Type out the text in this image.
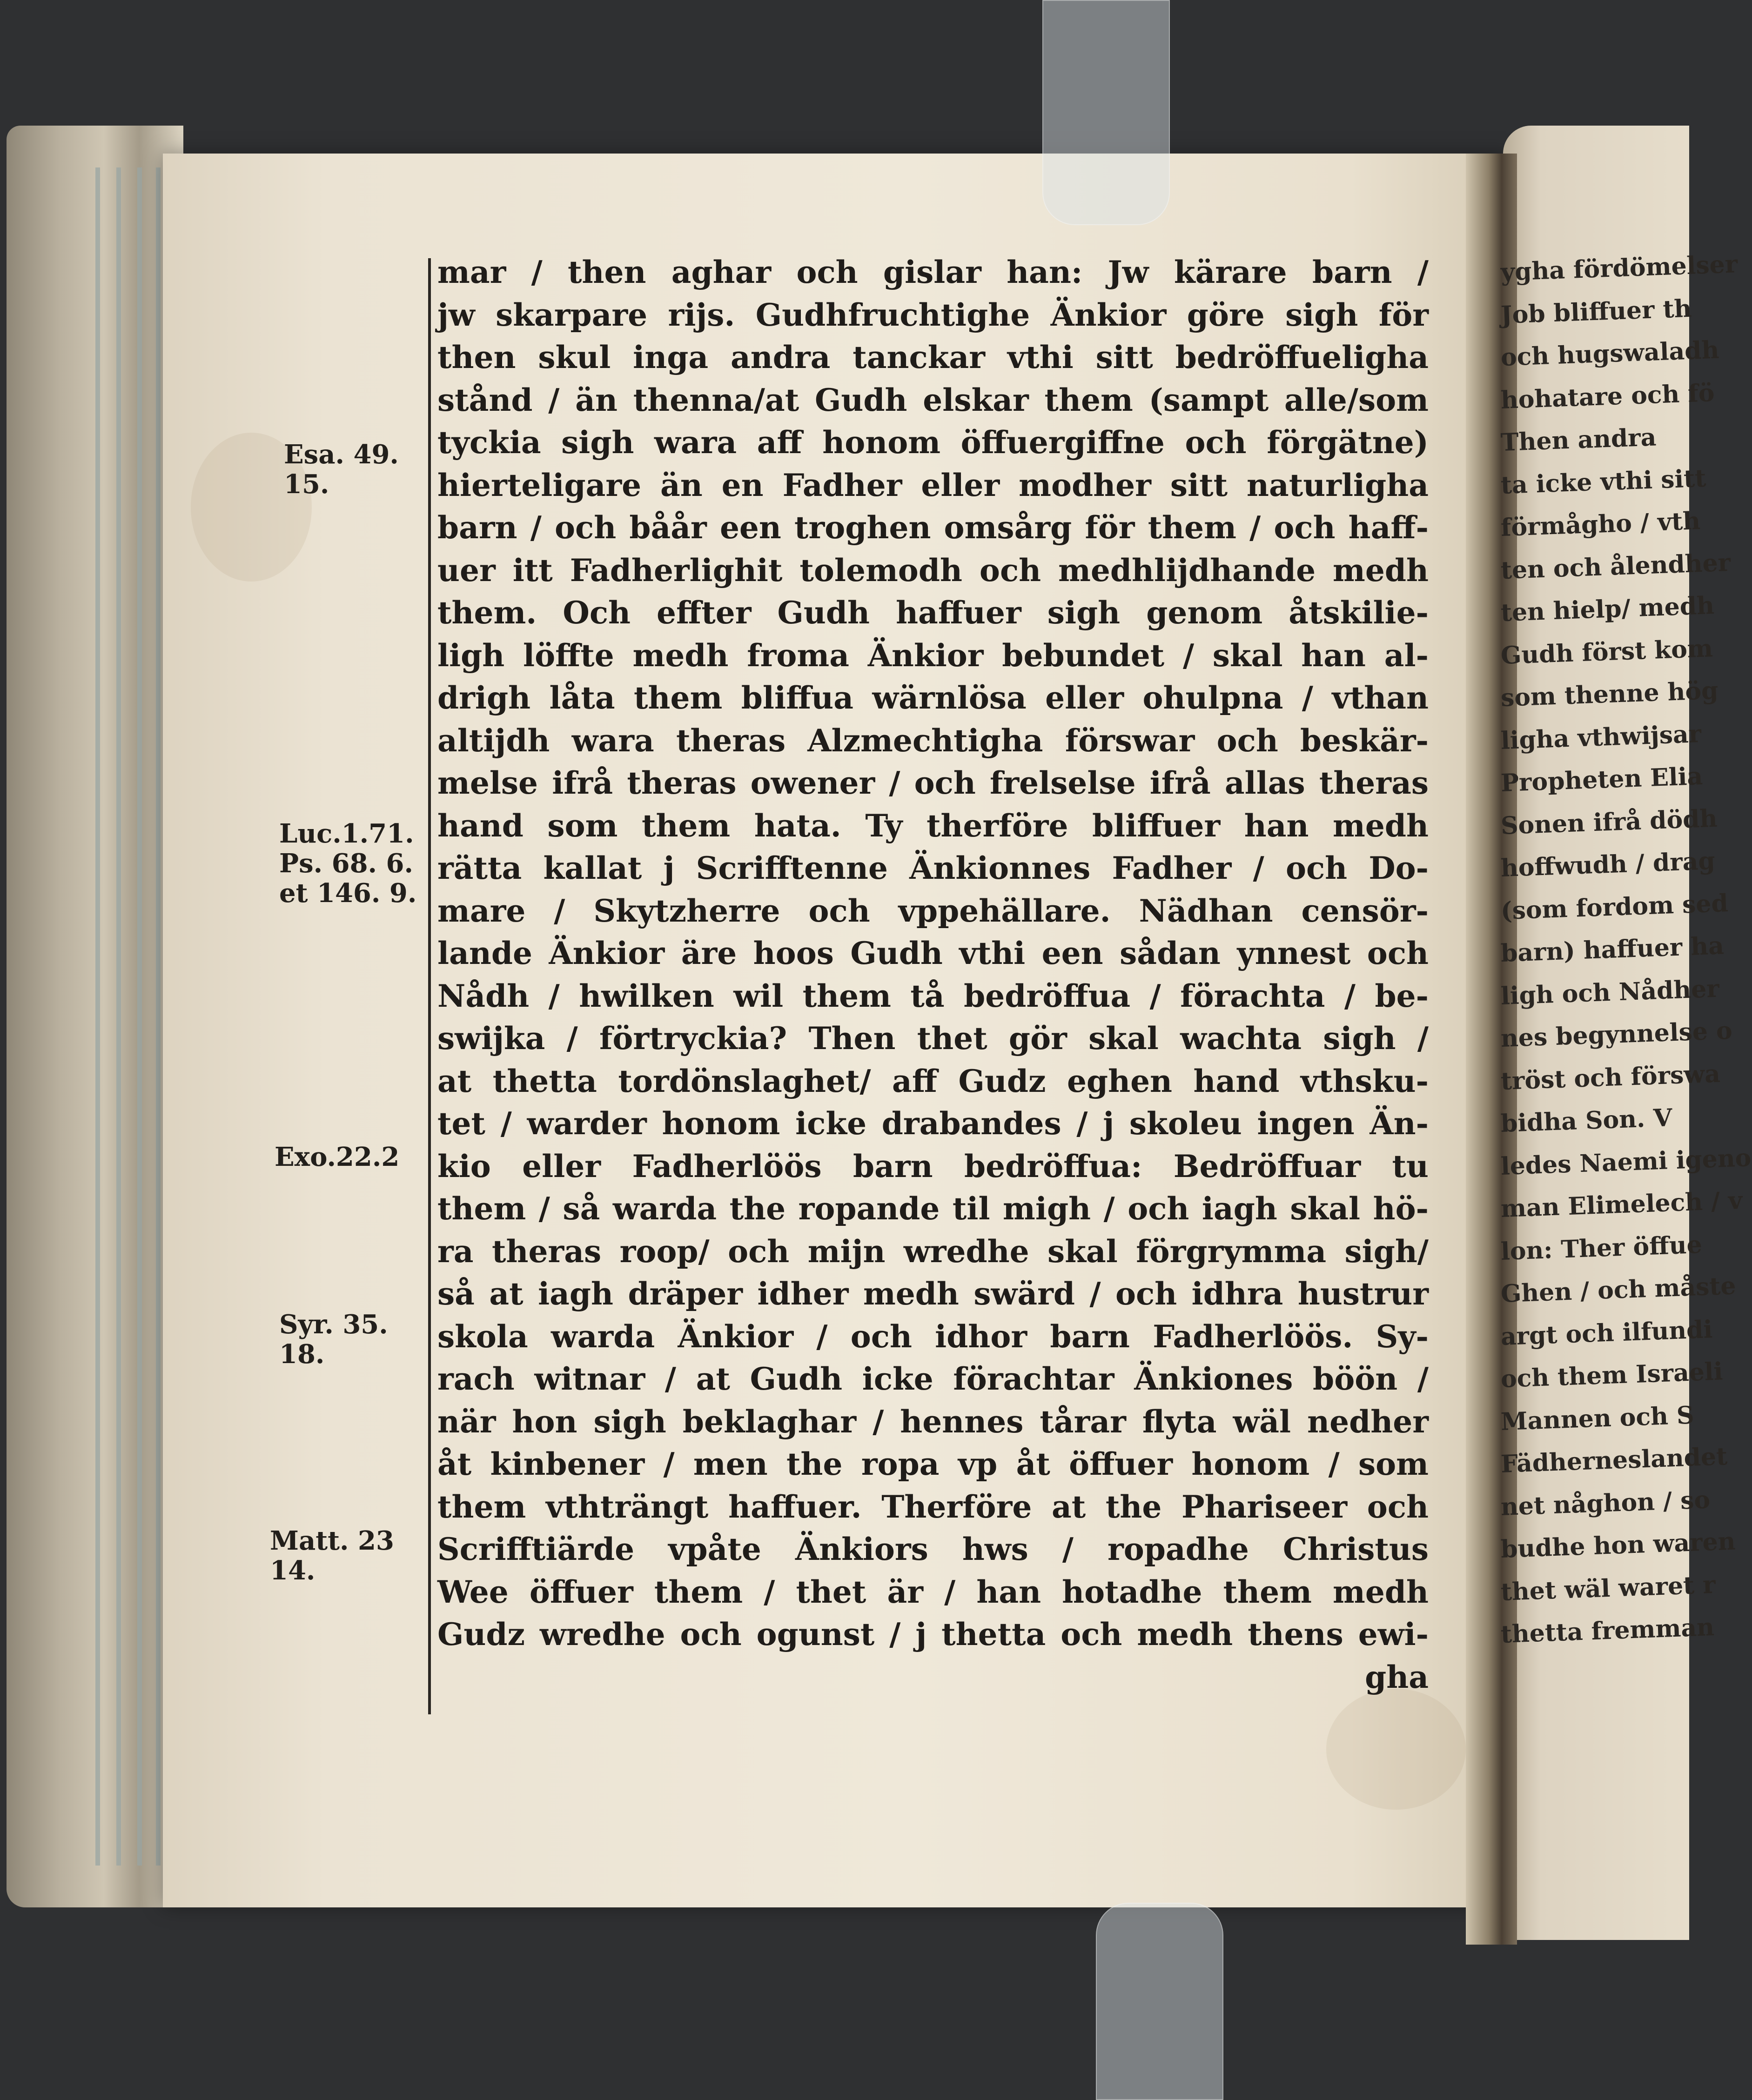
mar / then aghar och gislar han: Jw kärare barn /
jw skarpare rijs. Gudhfruchtighe Änkior göre sigh för
then skul inga andra tanckar vthi sitt bedröffueligha
stånd / än thenna/at Gudh elskar them (sampt alle/som
tyckia sigh wara aff honom öffuergiffne och förgätne)
hierteligare än en Fadher eller modher sitt naturligha
barn / och båår een troghen omsårg för them / och haff-
uer itt Fadherlighit tolemodh och medhlijdhande medh
them. Och effter Gudh haffuer sigh genom åtskilie-
ligh löffte medh froma Änkior bebundet / skal han al-
drigh låta them bliffua wärnlösa eller ohulpna / vthan
altijdh wara theras Alzmechtigha förswar och beskär-
melse ifrå theras owener / och frelselse ifrå allas theras
hand som them hata. Ty therföre bliffuer han medh
rätta kallat j Scrifftenne Änkionnes Fadher / och Do-
mare / Skytzherre och vppehällare. Nädhan censör-
lande Änkior äre hoos Gudh vthi een sådan ynnest och
Nådh / hwilken wil them tå bedröffua / förachta / be-
swijka / förtryckia? Then thet gör skal wachta sigh /
at thetta tordönslaghet/ aff Gudz eghen hand vthsku-
tet / warder honom icke drabandes / j skoleu ingen Än-
kio eller Fadherlöös barn bedröffua: Bedröffuar tu
them / så warda the ropande til migh / och iagh skal hö-
ra theras roop/ och mijn wredhe skal förgrymma sigh/
så at iagh dräper idher medh swärd / och idhra hustrur
skola warda Änkior / och idhor barn Fadherlöös. Sy-
rach witnar / at Gudh icke förachtar Änkiones böön /
när hon sigh beklaghar / hennes tårar flyta wäl nedher
åt kinbener / men the ropa vp åt öffuer honom / som
them vthträngt haffuer. Therföre at the Phariseer och
Scrifftiärde vpåte Änkiors hws / ropadhe Christus
Wee öffuer them / thet är / han hotadhe them medh
Gudz wredhe och ogunst / j thetta och medh thens ewi-
gha
Esa. 49.
15.
Luc.1.71.
Ps. 68. 6.
et 146. 9.
Exo.22.2
Syr. 35.
18.
Matt. 23
14.
ygha fördömelser
Job bliffuer th
och hugswaladh
hohatare och fö
Then andra
ta icke vthi sitt
förmågho / vth
ten och ålendher
ten hielp/ medh
Gudh först kom
som thenne hög
ligha vthwijsar
Propheten Elia
Sonen ifrå dödh
hoffwudh / drag
(som fordom sed
barn) haffuer ha
ligh och Nådher
nes begynnelse o
tröst och förswa
bidha Son. V
ledes Naemi igeno
man Elimelech / v
lon: Ther öffue
Ghen / och måste
argt och ilfundi
och them Israeli
Mannen och S
Fädherneslandet
net någhon / so
budhe hon waren
thet wäl waret r
thetta fremman
